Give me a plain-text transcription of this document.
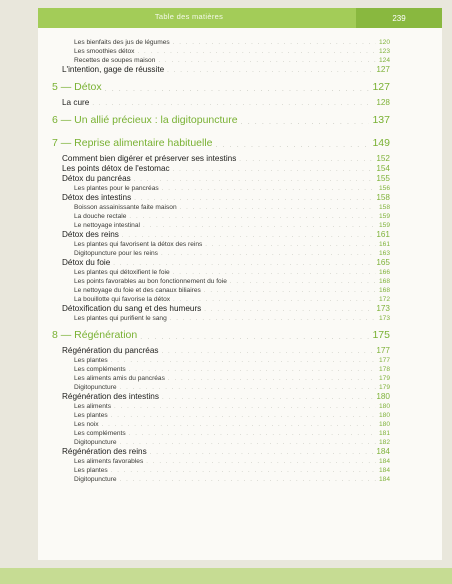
Table des matières	239
Les bienfaits des jus de légumes . . .	120
Les smoothies détox . . .	123
Recettes de soupes maison . . .	124
L'intention, gage de réussite . . .	127
5 — Détox . . .	127
La cure . . .	128
6 — Un allié précieux : la digitopuncture . . .	137
7 — Reprise alimentaire habituelle . . .	149
Comment bien digérer et préserver ses intestins . . .	152
Les points détox de l'estomac . . .	154
Détox du pancréas . . .	155
Les plantes pour le pancréas . . .	156
Détox des intestins . . .	158
Boisson assainissante faite maison . . .	158
La douche rectale . . .	159
Le nettoyage intestinal . . .	159
Détox des reins . . .	161
Les plantes qui favorisent la détox des reins . . .	161
Digitopuncture pour les reins . . .	163
Détox du foie . . .	165
Les plantes qui détoxifient le foie . . .	166
Les points favorables au bon fonctionnement du foie . . .	168
Le nettoyage du foie et des canaux biliaires . . .	168
La bouillotte qui favorise la détox . . .	172
Détoxification du sang et des humeurs . . .	173
Les plantes qui purifient le sang . . .	173
8 — Régénération . . .	175
Régénération du pancréas . . .	177
Les plantes . . .	177
Les compléments . . .	178
Les aliments amis du pancréas . . .	179
Digitopuncture . . .	179
Régénération des intestins . . .	180
Les aliments . . .	180
Les plantes . . .	180
Les noix . . .	180
Les compléments . . .	181
Digitopuncture . . .	182
Régénération des reins . . .	184
Les aliments favorables . . .	184
Les plantes . . .	184
Digitopuncture . . .	184
